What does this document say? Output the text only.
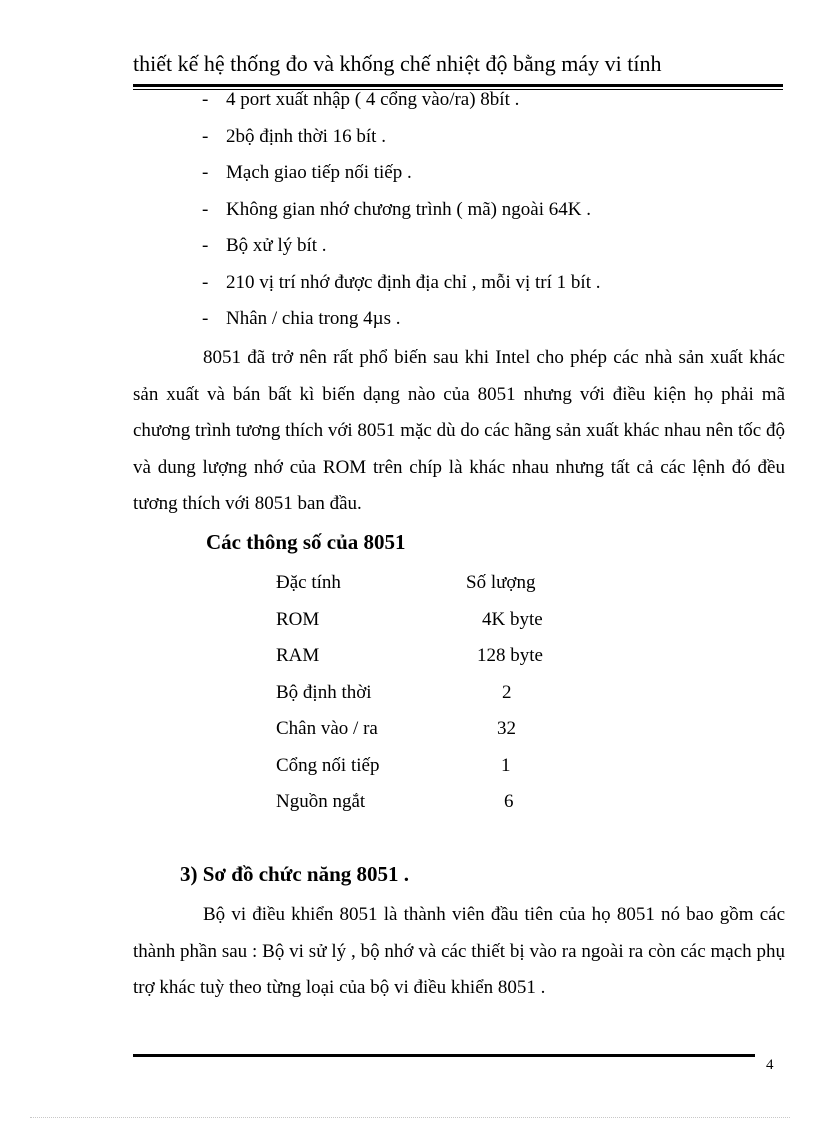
thiết kế hệ thống đo và khống chế nhiệt độ bằng máy vi tính
- 4 port xuất nhập ( 4 cổng vào/ra) 8bít .
- 2bộ định thời 16 bít .
- Mạch giao tiếp nối tiếp .
- Không gian nhớ chương trình ( mã) ngoài 64K .
- Bộ xử lý bít .
- 210 vị trí nhớ được định địa chỉ , mỗi vị trí 1 bít .
- Nhân / chia trong 4µs .

8051 đã trở nên rất phổ biến sau khi Intel cho phép các nhà sản xuất khác sản xuất và bán bất kì biến dạng nào của 8051 nhưng với điều kiện họ phải mã chương trình tương thích với 8051 mặc dù do các hãng sản xuất khác nhau nên tốc độ và dung lượng nhớ của ROM trên chíp là khác nhau nhưng tất cả các lệnh đó đều tương thích với 8051 ban đầu.

Các thông số của 8051
Đặc tính	Số lượng
ROM	4K byte
RAM	128 byte
Bộ định thời	2
Chân vào / ra	32
Cổng nối tiếp	1
Nguồn ngắt	6
3) Sơ đồ chức năng 8051 .

Bộ vi điều khiển 8051 là thành viên đầu tiên của họ 8051 nó bao gồm các thành phần sau : Bộ vi sử lý , bộ nhớ và các thiết bị vào ra ngoài ra còn các mạch phụ trợ khác tuỳ theo từng loại của bộ vi điều khiển 8051 .

4
